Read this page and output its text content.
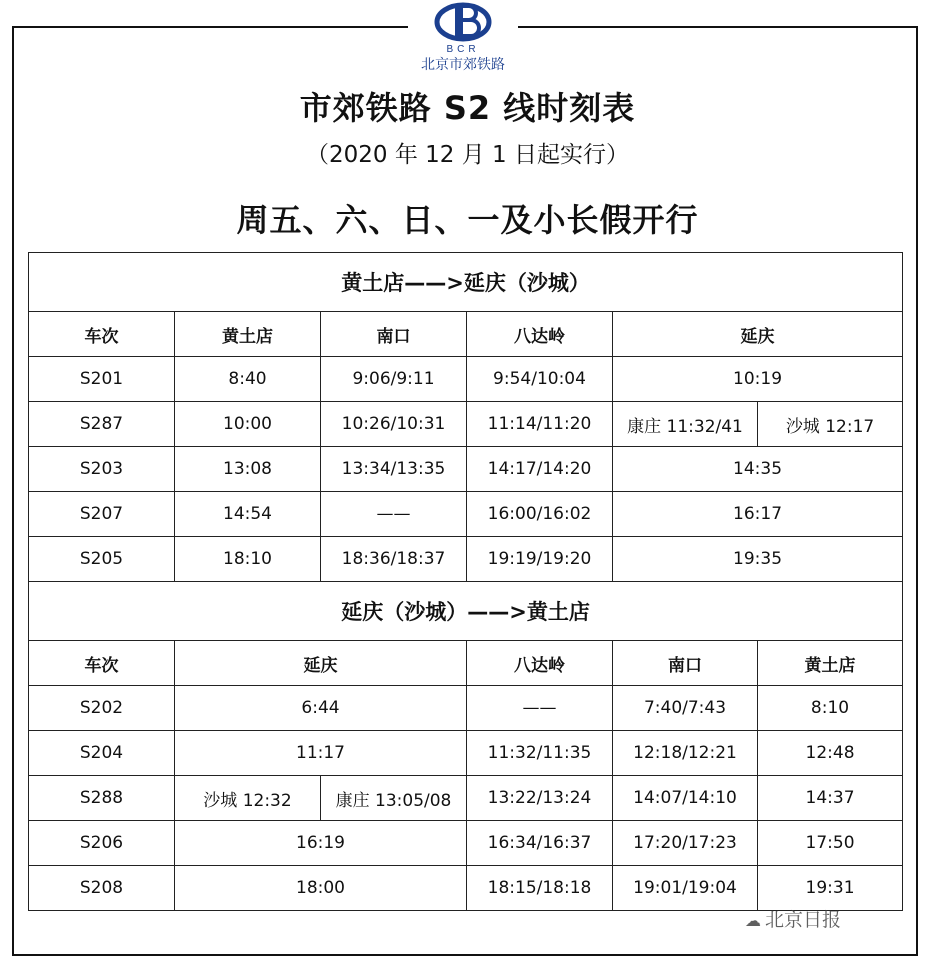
BCR
北京市郊铁路
市郊铁路 S2 线时刻表
（2020 年 12 月 1 日起实行）
周五、六、日、一及小长假开行
黄土店——>延庆（沙城）					
车次	黄土店	南口	八达岭	延庆	
S201	8:40	9:06/9:11	9:54/10:04	10:19	
S287	10:00	10:26/10:31	11:14/11:20	康庄 11:32/41	沙城 12:17
S203	13:08	13:34/13:35	14:17/14:20	14:35	
S207	14:54	——	16:00/16:02	16:17	
S205	18:10	18:36/18:37	19:19/19:20	19:35	
延庆（沙城）——>黄土店					
车次	延庆		八达岭	南口	黄土店
S202	6:44		——	7:40/7:43	8:10
S204	11:17		11:32/11:35	12:18/12:21	12:48
S288	沙城 12:32	康庄 13:05/08	13:22/13:24	14:07/14:10	14:37
S206	16:19		16:34/16:37	17:20/17:23	17:50
S208	18:00		18:15/18:18	19:01/19:04	19:31
☁ 北京日报
